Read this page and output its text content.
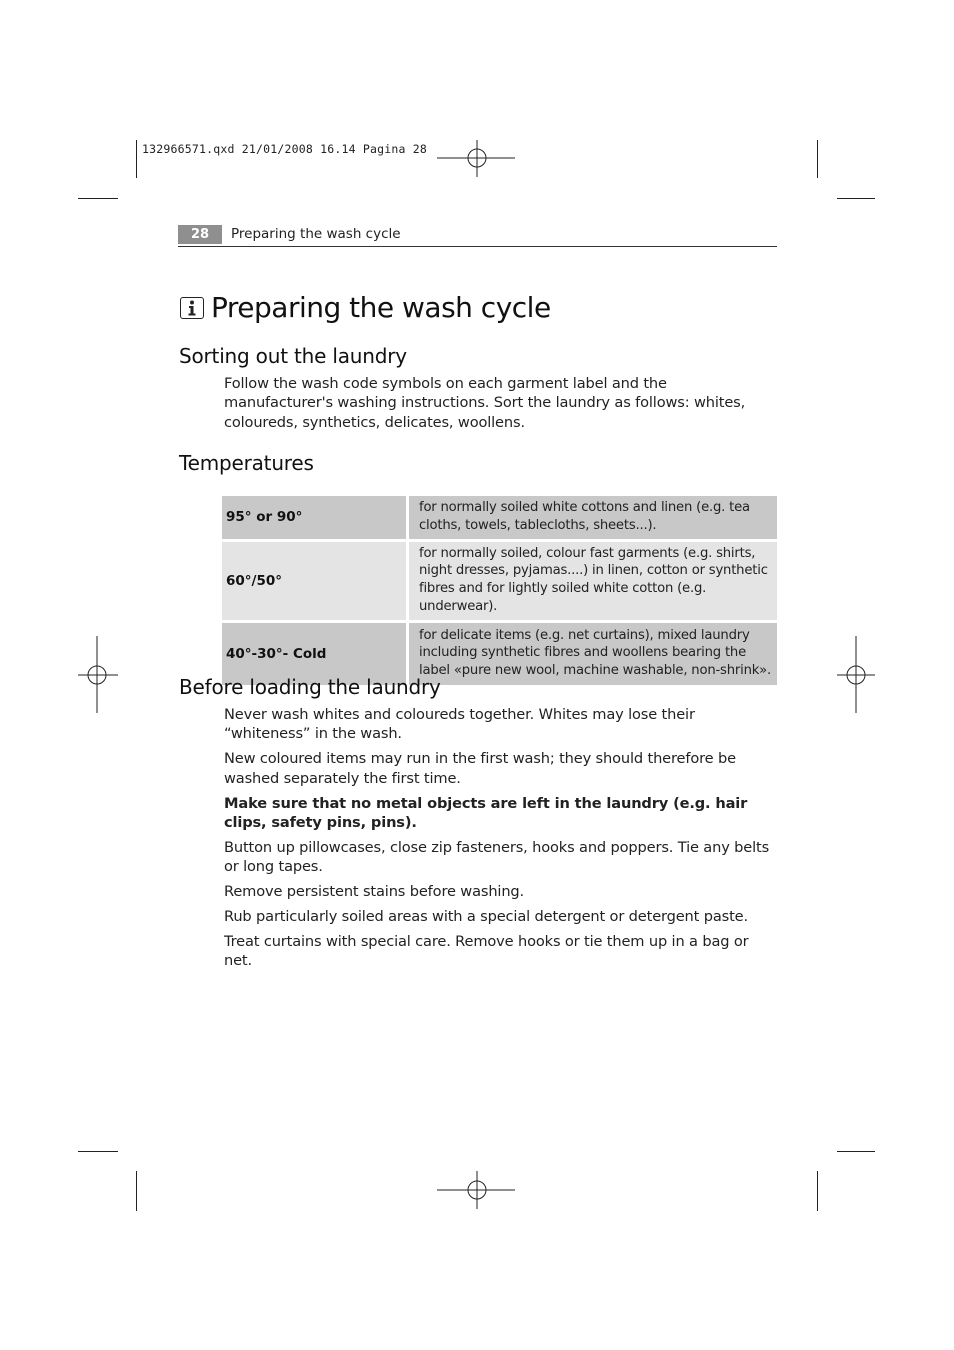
132966571.qxd 21/01/2008 16.14 Pagina 28
28	Preparing the wash cycle
Preparing the wash cycle
Sorting out the laundry
Follow the wash code symbols on each garment label and the manufacturer's washing instructions. Sort the laundry as follows: whites, coloureds, synthetics, delicates, woollens.
Temperatures
95° or 90°	for normally soiled white cottons and linen (e.g. tea cloths, towels, tablecloths, sheets...).

60°/50°	for normally soiled, colour fast garments (e.g. shirts, night dresses, pyjamas....) in linen, cotton or synthetic fibres and for lightly soiled white cotton (e.g. underwear).

40°-30°- Cold	for delicate items (e.g. net curtains), mixed laundry including synthetic fibres and woollens bearing the label «pure new wool, machine washable, non-shrink».
Before loading the laundry

Never wash whites and coloureds together. Whites may lose their “whiteness” in the wash.

New coloured items may run in the first wash; they should therefore be washed separately the first time.

Make sure that no metal objects are left in the laundry (e.g. hair clips, safety pins, pins).

Button up pillowcases, close zip fasteners, hooks and poppers. Tie any belts or long tapes.

Remove persistent stains before washing.

Rub particularly soiled areas with a special detergent or detergent paste.

Treat curtains with special care. Remove hooks or tie them up in a bag or net.
